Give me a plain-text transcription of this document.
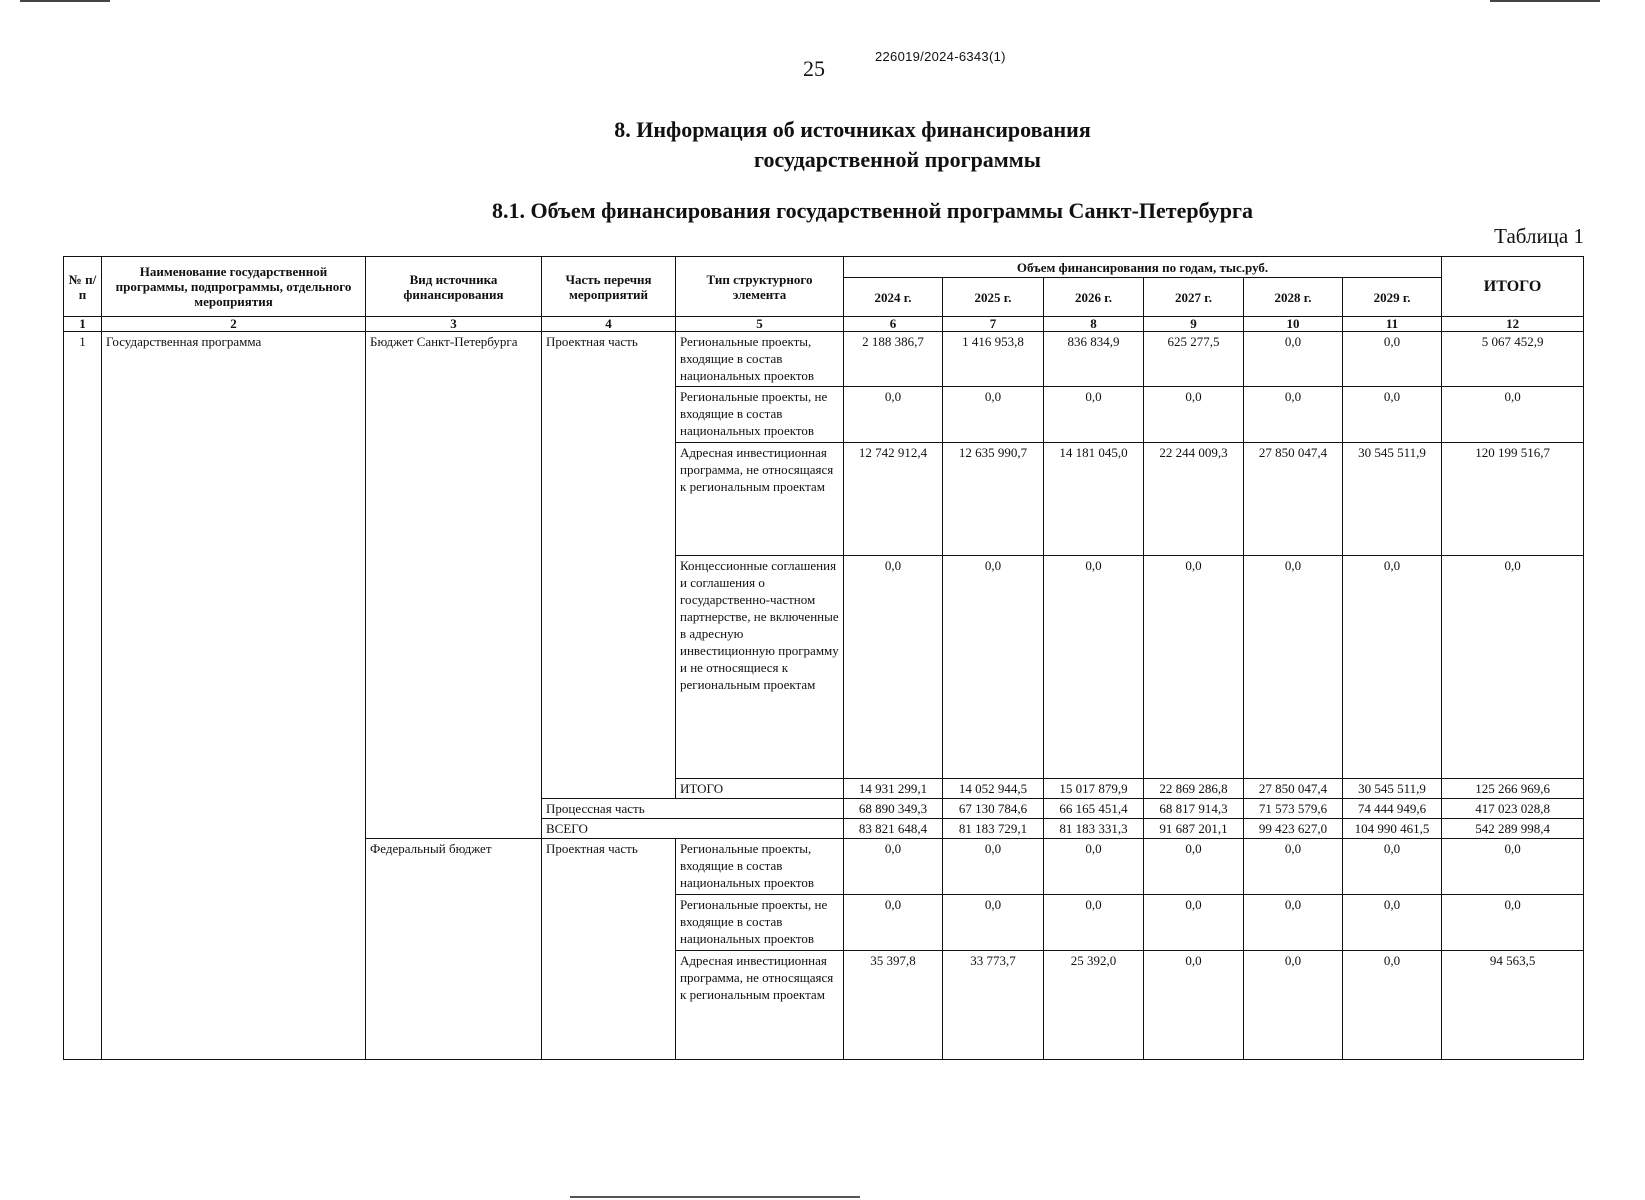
25	226019/2024-6343(1)
8. Информация об источниках финансирования
государственной программы
8.1. Объем финансирования государственной программы Санкт-Петербурга
Таблица 1
№ п/п	Наименование государственной программы, подпрограммы, отдельного мероприятия	Вид источника финансирования	Часть перечня мероприятий	Тип структурного элемента	Объем финансирования по годам, тыс.руб.						ИТОГО
					2024 г.	2025 г.	2026 г.	2027 г.	2028 г.	2029 г.	
1	2	3	4	5	6	7	8	9	10	11	12
1	Государственная программа	Бюджет Санкт-Петербурга	Проектная часть	Региональные проекты, входящие в состав национальных проектов	2 188 386,7	1 416 953,8	836 834,9	625 277,5	0,0	0,0	5 067 452,9
				Региональные проекты, не входящие в состав национальных проектов	0,0	0,0	0,0	0,0	0,0	0,0	0,0
				Адресная инвестиционная программа, не относящаяся к региональным проектам	12 742 912,4	12 635 990,7	14 181 045,0	22 244 009,3	27 850 047,4	30 545 511,9	120 199 516,7
				Концессионные соглашения и соглашения о государственно-частном партнерстве, не включенные в адресную инвестиционную программу и не относящиеся к региональным проектам	0,0	0,0	0,0	0,0	0,0	0,0	0,0
				ИТОГО	14 931 299,1	14 052 944,5	15 017 879,9	22 869 286,8	27 850 047,4	30 545 511,9	125 266 969,6
			Процессная часть		68 890 349,3	67 130 784,6	66 165 451,4	68 817 914,3	71 573 579,6	74 444 949,6	417 023 028,8
			ВСЕГО		83 821 648,4	81 183 729,1	81 183 331,3	91 687 201,1	99 423 627,0	104 990 461,5	542 289 998,4
		Федеральный бюджет	Проектная часть	Региональные проекты, входящие в состав национальных проектов	0,0	0,0	0,0	0,0	0,0	0,0	0,0
				Региональные проекты, не входящие в состав национальных проектов	0,0	0,0	0,0	0,0	0,0	0,0	0,0
				Адресная инвестиционная программа, не относящаяся к региональным проектам	35 397,8	33 773,7	25 392,0	0,0	0,0	0,0	94 563,5
